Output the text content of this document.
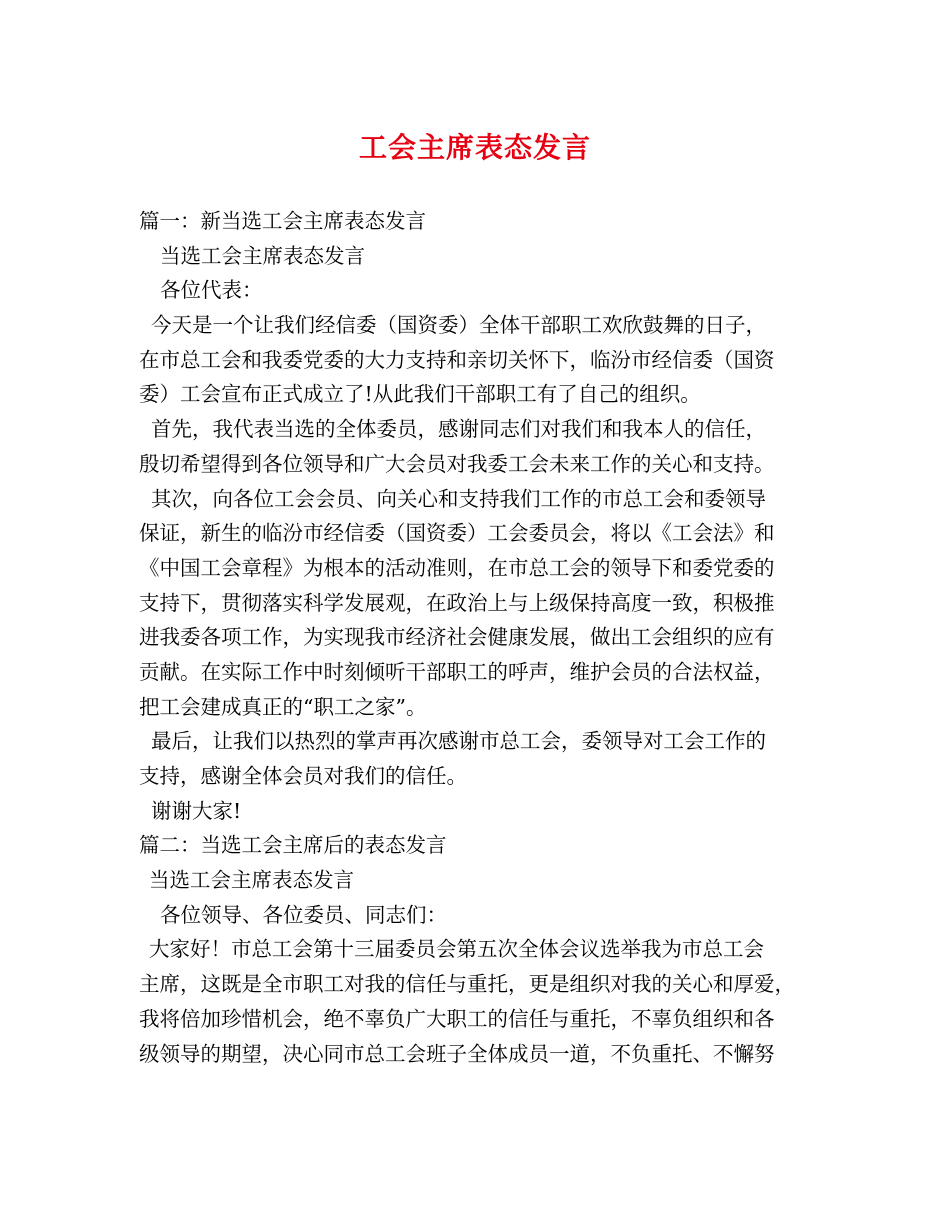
工会主席表态发言
篇一：新当选工会主席表态发言
当选工会主席表态发言
各位代表：
今天是一个让我们经信委（国资委）全体干部职工欢欣鼓舞的日子，
在市总工会和我委党委的大力支持和亲切关怀下，临汾市经信委（国资
委）工会宣布正式成立了!从此我们干部职工有了自己的组织。
首先，我代表当选的全体委员，感谢同志们对我们和我本人的信任，
殷切希望得到各位领导和广大会员对我委工会未来工作的关心和支持。
其次，向各位工会会员、向关心和支持我们工作的市总工会和委领导
保证，新生的临汾市经信委（国资委）工会委员会，将以《工会法》和
《中国工会章程》为根本的活动准则，在市总工会的领导下和委党委的
支持下，贯彻落实科学发展观，在政治上与上级保持高度一致，积极推
进我委各项工作，为实现我市经济社会健康发展，做出工会组织的应有
贡献。在实际工作中时刻倾听干部职工的呼声，维护会员的合法权益，
把工会建成真正的“职工之家”。
最后，让我们以热烈的掌声再次感谢市总工会，委领导对工会工作的
支持，感谢全体会员对我们的信任。
谢谢大家!
篇二：当选工会主席后的表态发言
当选工会主席表态发言
各位领导、各位委员、同志们：
大家好！市总工会第十三届委员会第五次全体会议选举我为市总工会
主席，这既是全市职工对我的信任与重托，更是组织对我的关心和厚爱，
我将倍加珍惜机会，绝不辜负广大职工的信任与重托，不辜负组织和各
级领导的期望，决心同市总工会班子全体成员一道，不负重托、不懈努
